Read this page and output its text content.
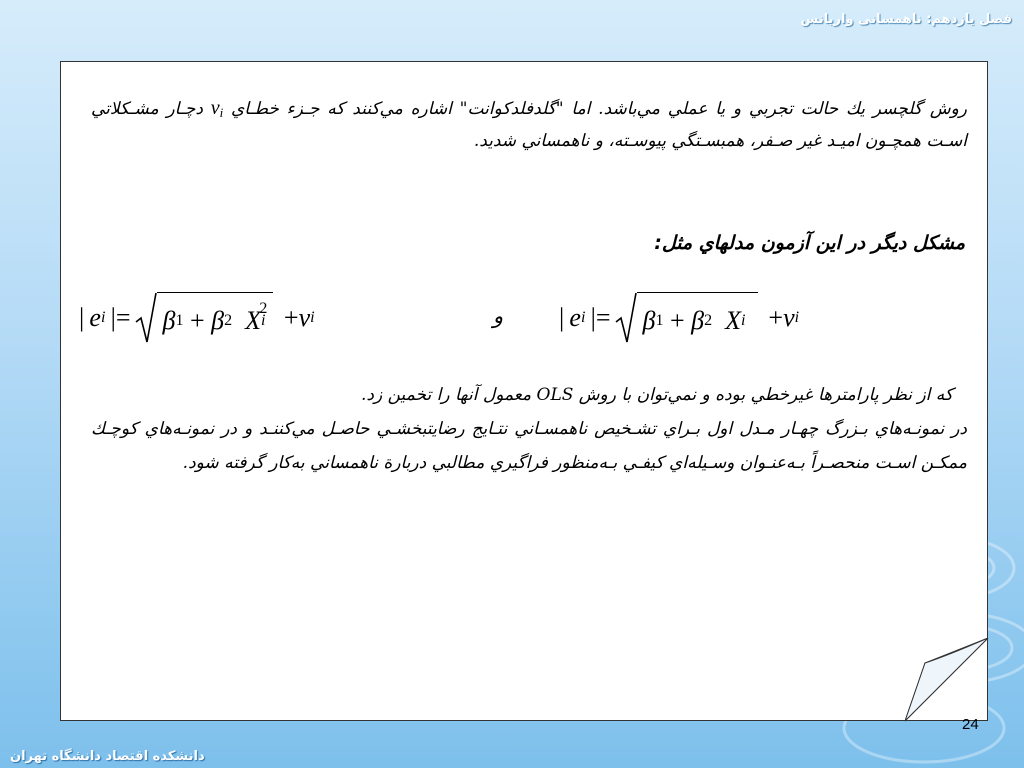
فصل یازدهم: ناهمسانی واریانس
روش گلچسر يك حالت تجربي و يا عملي مي‌باشد. اما "گلدفلدكوانت" اشاره مي‌كنند كه جـزء خطـاي $v_i$ دچـار مشـكلاتي اسـت همچـون اميـد غير صـفر، همبسـتگي پيوسـته، و ناهمساني شديد.
مشكل ديگر در اين آزمون مدلهاي مثل:
|  e i  |= β 1 + β 2
X i
2 + v i	و |  e i  |= β 1 + β 2
X i
+ v i
كه از نظر پارامترها غيرخطي بوده و نمي‌توان با روش OLS معمول آنها را تخمين زد.
در نمونـه‌هاي بـزرگ چهـار مـدل اول بـراي تشـخيص ناهمسـاني نتـايج رضايتبخشـي حاصـل مي‌كننـد و در نمونـه‌هاي كوچـك ممكـن اسـت منحصـراً بـه‌عنـوان وسـيله‌اي كيفـي بـه‌منظور فراگيري مطالبي دربارة ناهمساني به‌كار گرفته شود.
24
دانشكده اقتصاد دانشگاه تهران
